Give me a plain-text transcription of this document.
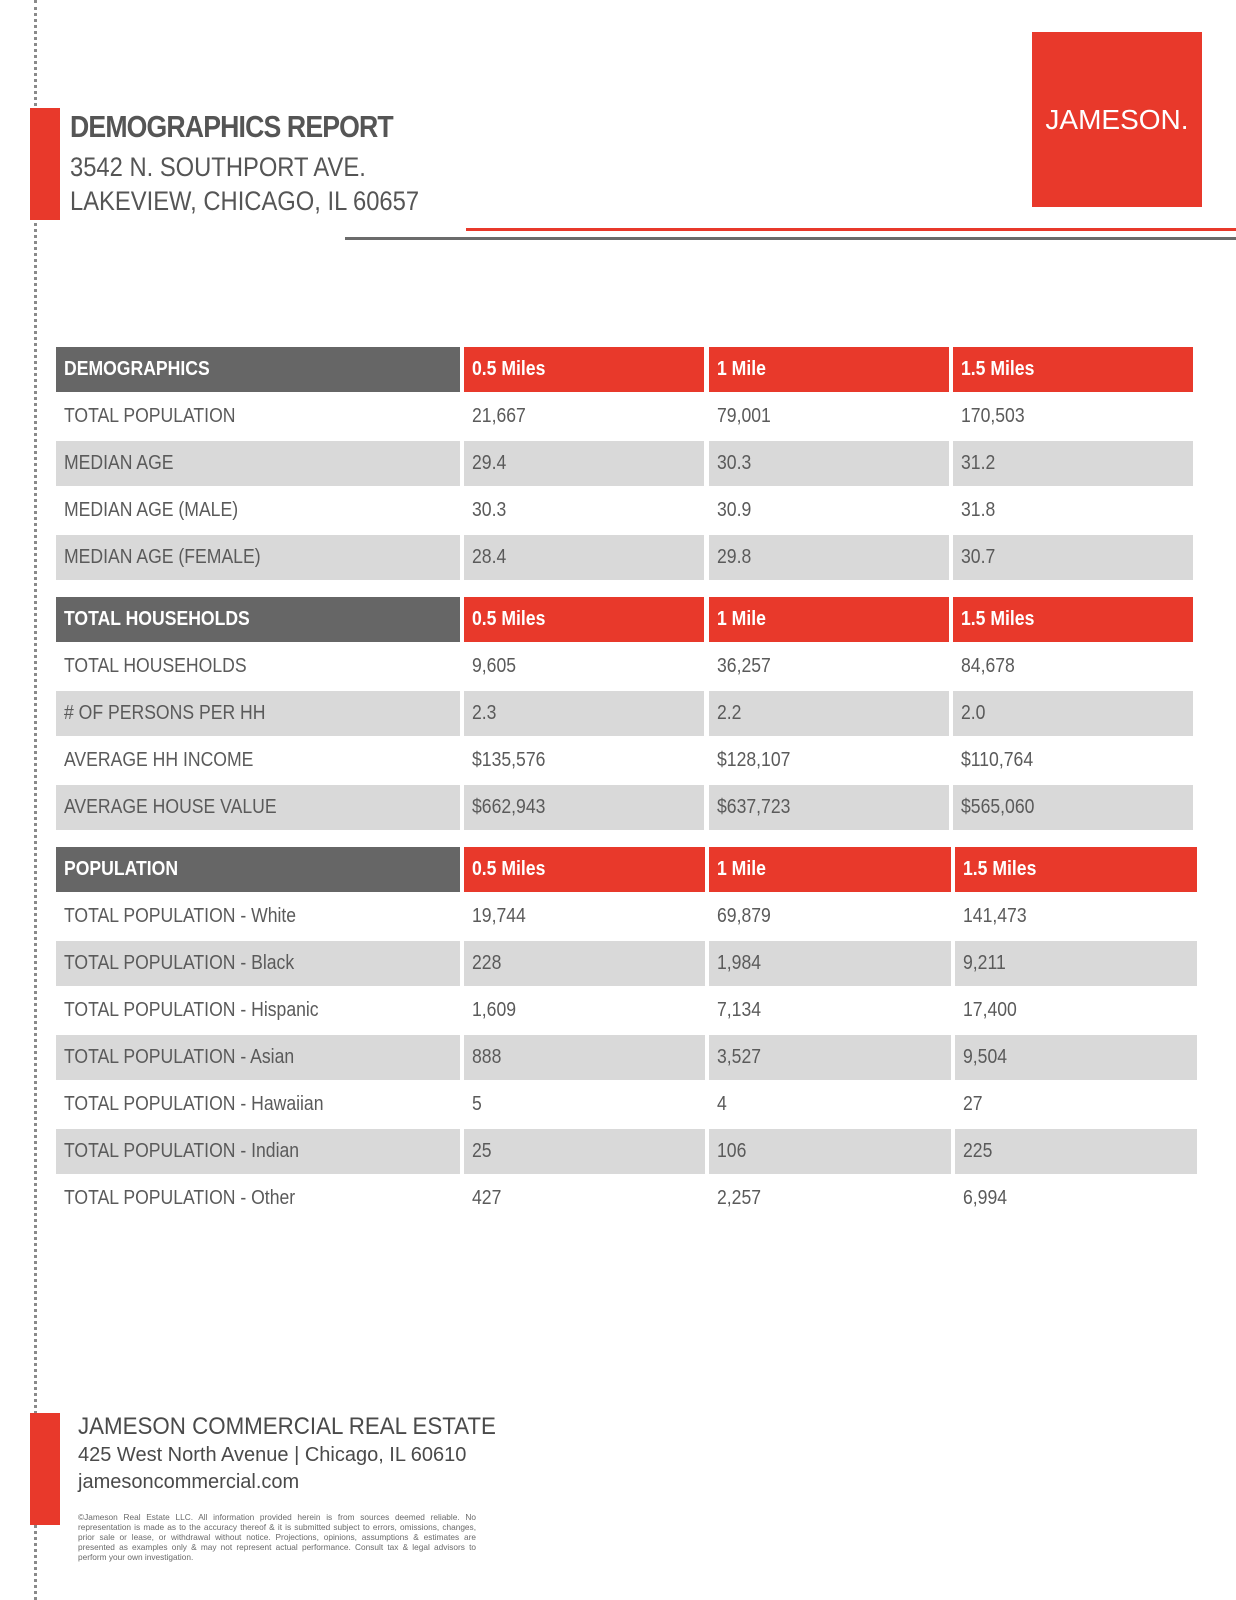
DEMOGRAPHICS REPORT
3542 N. SOUTHPORT AVE.
LAKEVIEW, CHICAGO, IL 60657
JAMESON.
DEMOGRAPHICS	0.5 Miles	1 Mile	1.5 Miles
TOTAL POPULATION	21,667	79,001	170,503
MEDIAN AGE	29.4	30.3	31.2
MEDIAN AGE (MALE)	30.3	30.9	31.8
MEDIAN AGE (FEMALE)	28.4	29.8	30.7
TOTAL HOUSEHOLDS	0.5 Miles	1 Mile	1.5 Miles
TOTAL HOUSEHOLDS	9,605	36,257	84,678
# OF PERSONS PER HH	2.3	2.2	2.0
AVERAGE HH INCOME	$135,576	$128,107	$110,764
AVERAGE HOUSE VALUE	$662,943	$637,723	$565,060
POPULATION	0.5 Miles	1 Mile	1.5 Miles
TOTAL POPULATION - White	19,744	69,879	141,473
TOTAL POPULATION - Black	228	1,984	9,211
TOTAL POPULATION - Hispanic	1,609	7,134	17,400
TOTAL POPULATION - Asian	888	3,527	9,504
TOTAL POPULATION - Hawaiian	5	4	27
TOTAL POPULATION - Indian	25	106	225
TOTAL POPULATION - Other	427	2,257	6,994
JAMESON COMMERCIAL REAL ESTATE
425 West North Avenue | Chicago, IL 60610
jamesoncommercial.com
©Jameson Real Estate LLC. All information provided herein is from sources deemed reliable. No representation is made as to the accuracy thereof & it is submitted subject to errors, omissions, changes, prior sale or lease, or withdrawal without notice. Projections, opinions, assumptions & estimates are presented as examples only & may not represent actual performance. Consult tax & legal advisors to perform your own investigation.
